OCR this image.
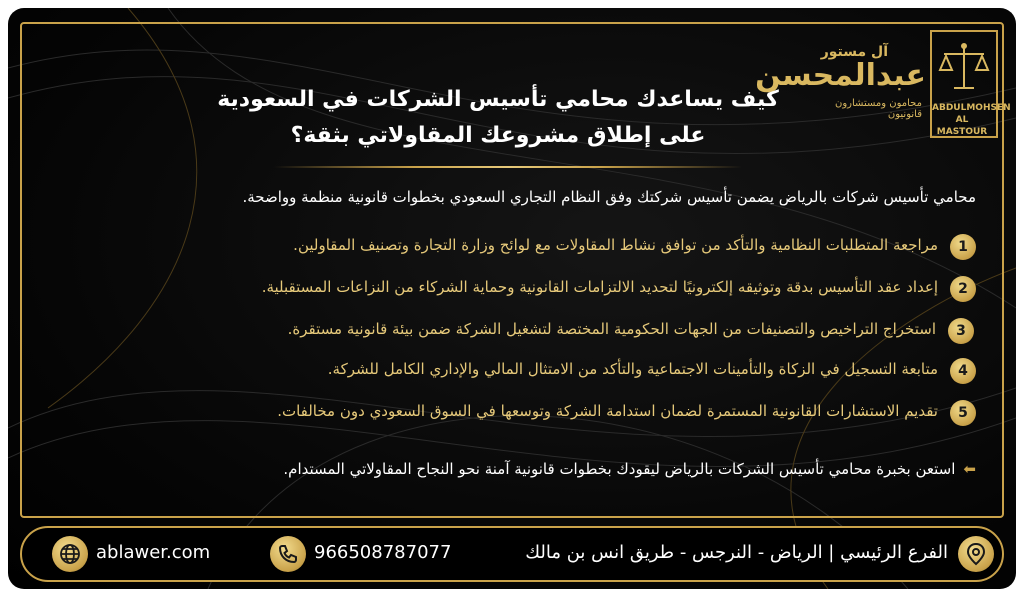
آل مستور
عبدالمحسن
محامون ومستشارون قانونيون
ABDULMOHSEN
AL MASTOUR
كيف يساعدك محامي تأسيس الشركات في السعودية على إطلاق مشروعك المقاولاتي بثقة؟
محامي تأسيس شركات بالرياض يضمن تأسيس شركتك وفق النظام التجاري السعودي بخطوات قانونية منظمة وواضحة.
1
مراجعة المتطلبات النظامية والتأكد من توافق نشاط المقاولات مع لوائح وزارة التجارة وتصنيف المقاولين.
2
إعداد عقد التأسيس بدقة وتوثيقه إلكترونيًا لتحديد الالتزامات القانونية وحماية الشركاء من النزاعات المستقبلية.
3
استخراج التراخيص والتصنيفات من الجهات الحكومية المختصة لتشغيل الشركة ضمن بيئة قانونية مستقرة.
4
متابعة التسجيل في الزكاة والتأمينات الاجتماعية والتأكد من الامتثال المالي والإداري الكامل للشركة.
5
تقديم الاستشارات القانونية المستمرة لضمان استدامة الشركة وتوسعها في السوق السعودي دون مخالفات.
⬅استعن بخبرة محامي تأسيس الشركات بالرياض ليقودك بخطوات قانونية آمنة نحو النجاح المقاولاتي المستدام.
الفرع الرئيسي | الرياض - النرجس - طريق انس بن مالك
966508787077
ablawer.com
